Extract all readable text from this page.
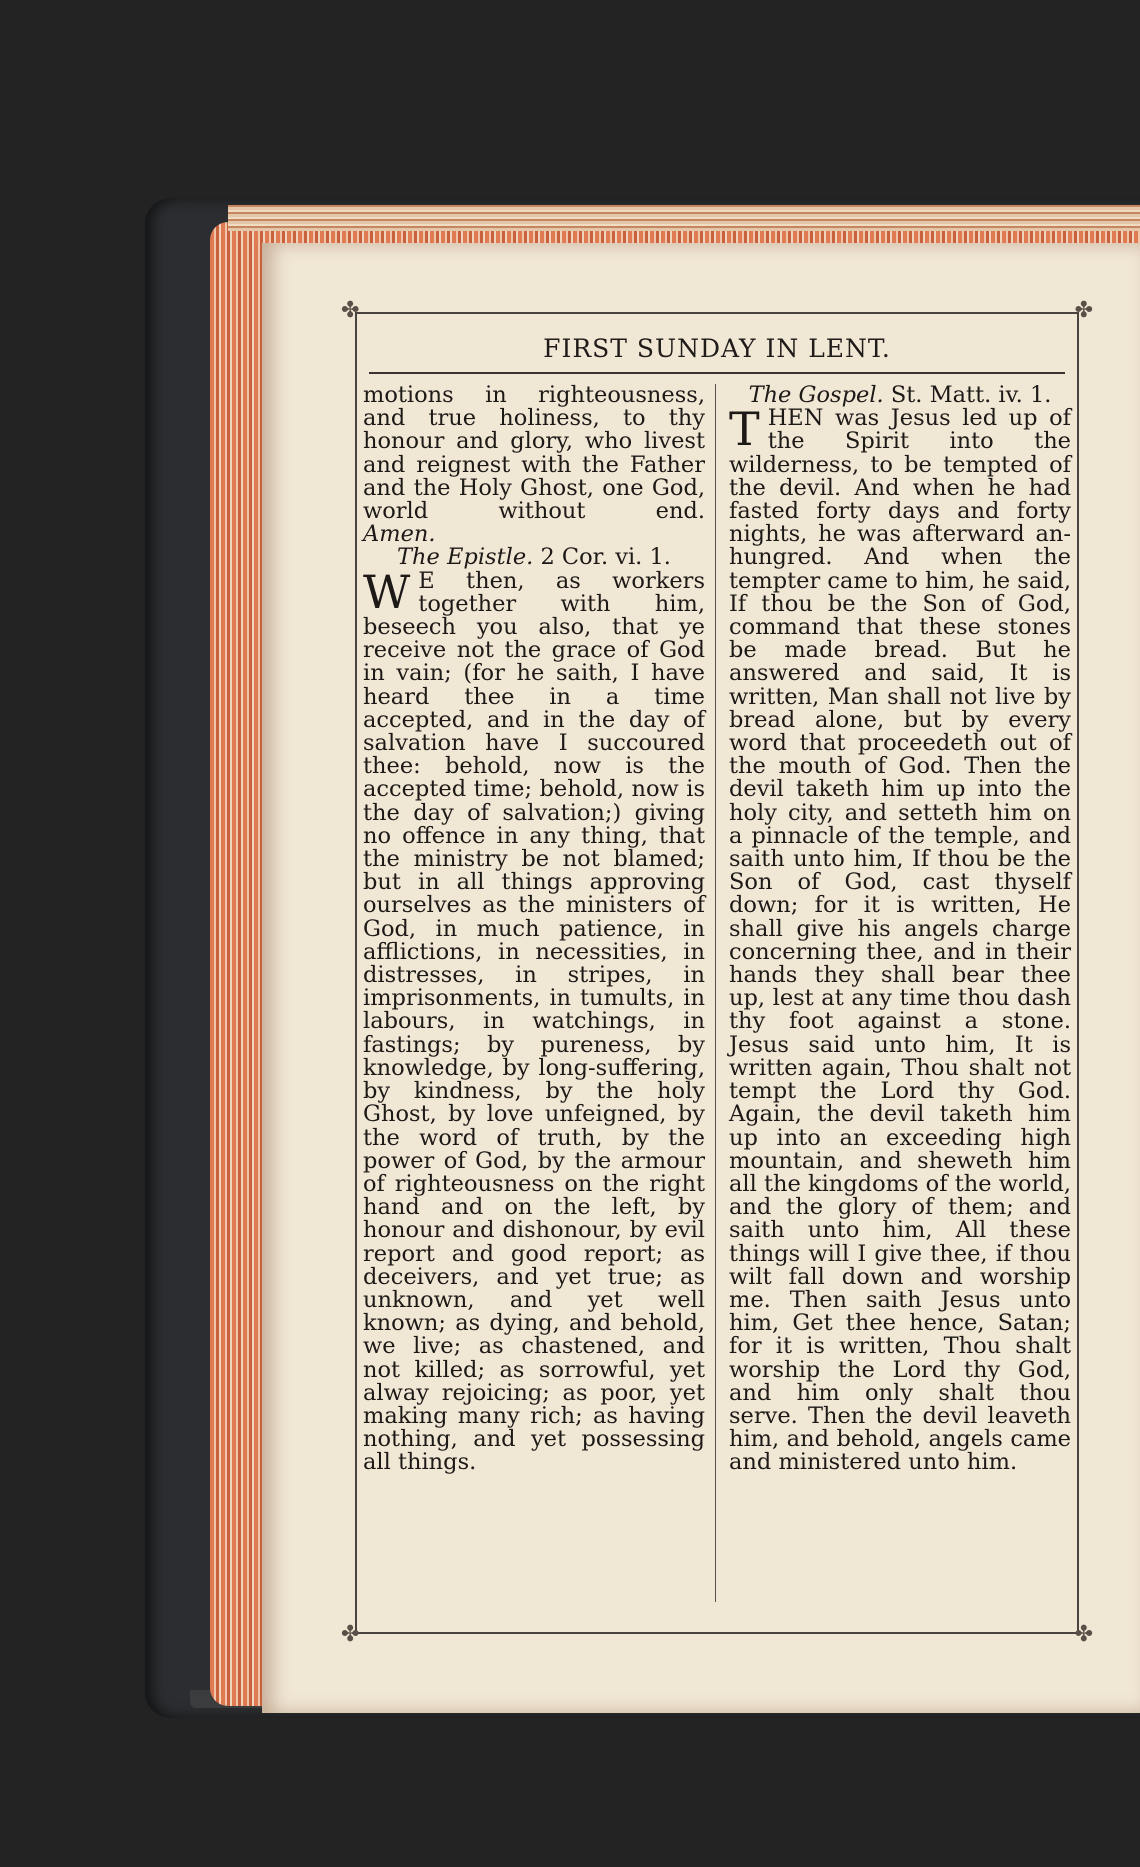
✤	✤
✤	✤
FIRST SUNDAY IN LENT.

motions in righteousness, and true holiness, to thy honour and glory, who livest and reignest with the Father and the Holy Ghost, one God, world without end.

Amen.

The Epistle. 2 Cor. vi. 1.

W E then, as workers together with him, beseech you also, that ye receive not the grace of God in vain; (for he saith, I have heard thee in a time accepted, and in the day of salvation have I succoured thee: behold, now is the accepted time; behold, now is the day of salvation;) giving no offence in any thing, that the ministry be not blamed; but in all things approving ourselves as the ministers of God, in much patience, in afflictions, in necessities, in distresses, in stripes, in imprisonments, in tumults, in labours, in watchings, in fastings; by pureness, by knowledge, by long-suffering, by kindness, by the holy Ghost, by love unfeigned, by the word of truth, by the power of God, by the armour of righteousness on the right hand and on the left, by honour and dishonour, by evil report and good report; as deceivers, and yet true; as unknown, and yet well known; as dying, and behold, we live; as chastened, and not killed; as sorrowful, yet alway rejoicing; as poor, yet making many rich; as having nothing, and yet possessing all things.

The Gospel. St. Matt. iv. 1.

THEN was Jesus led up of the Spirit into the wilderness, to be tempted of the devil. And when he had fasted forty days and forty nights, he was afterward an-hungred. And when the tempter came to him, he said, If thou be the Son of God, command that these stones be made bread. But he answered and said, It is written, Man shall not live by bread alone, but by every word that proceedeth out of the mouth of God. Then the devil taketh him up into the holy city, and setteth him on a pinnacle of the temple, and saith unto him, If thou be the Son of God, cast thyself down; for it is written, He shall give his angels charge concerning thee, and in their hands they shall bear thee up, lest at any time thou dash thy foot against a stone. Jesus said unto him, It is written again, Thou shalt not tempt the Lord thy God. Again, the devil taketh him up into an exceeding high mountain, and sheweth him all the kingdoms of the world, and the glory of them; and saith unto him, All these things will I give thee, if thou wilt fall down and worship me. Then saith Jesus unto him, Get thee hence, Satan; for it is written, Thou shalt worship the Lord thy God, and him only shalt thou serve. Then the devil leaveth him, and behold, angels came and ministered unto him.
